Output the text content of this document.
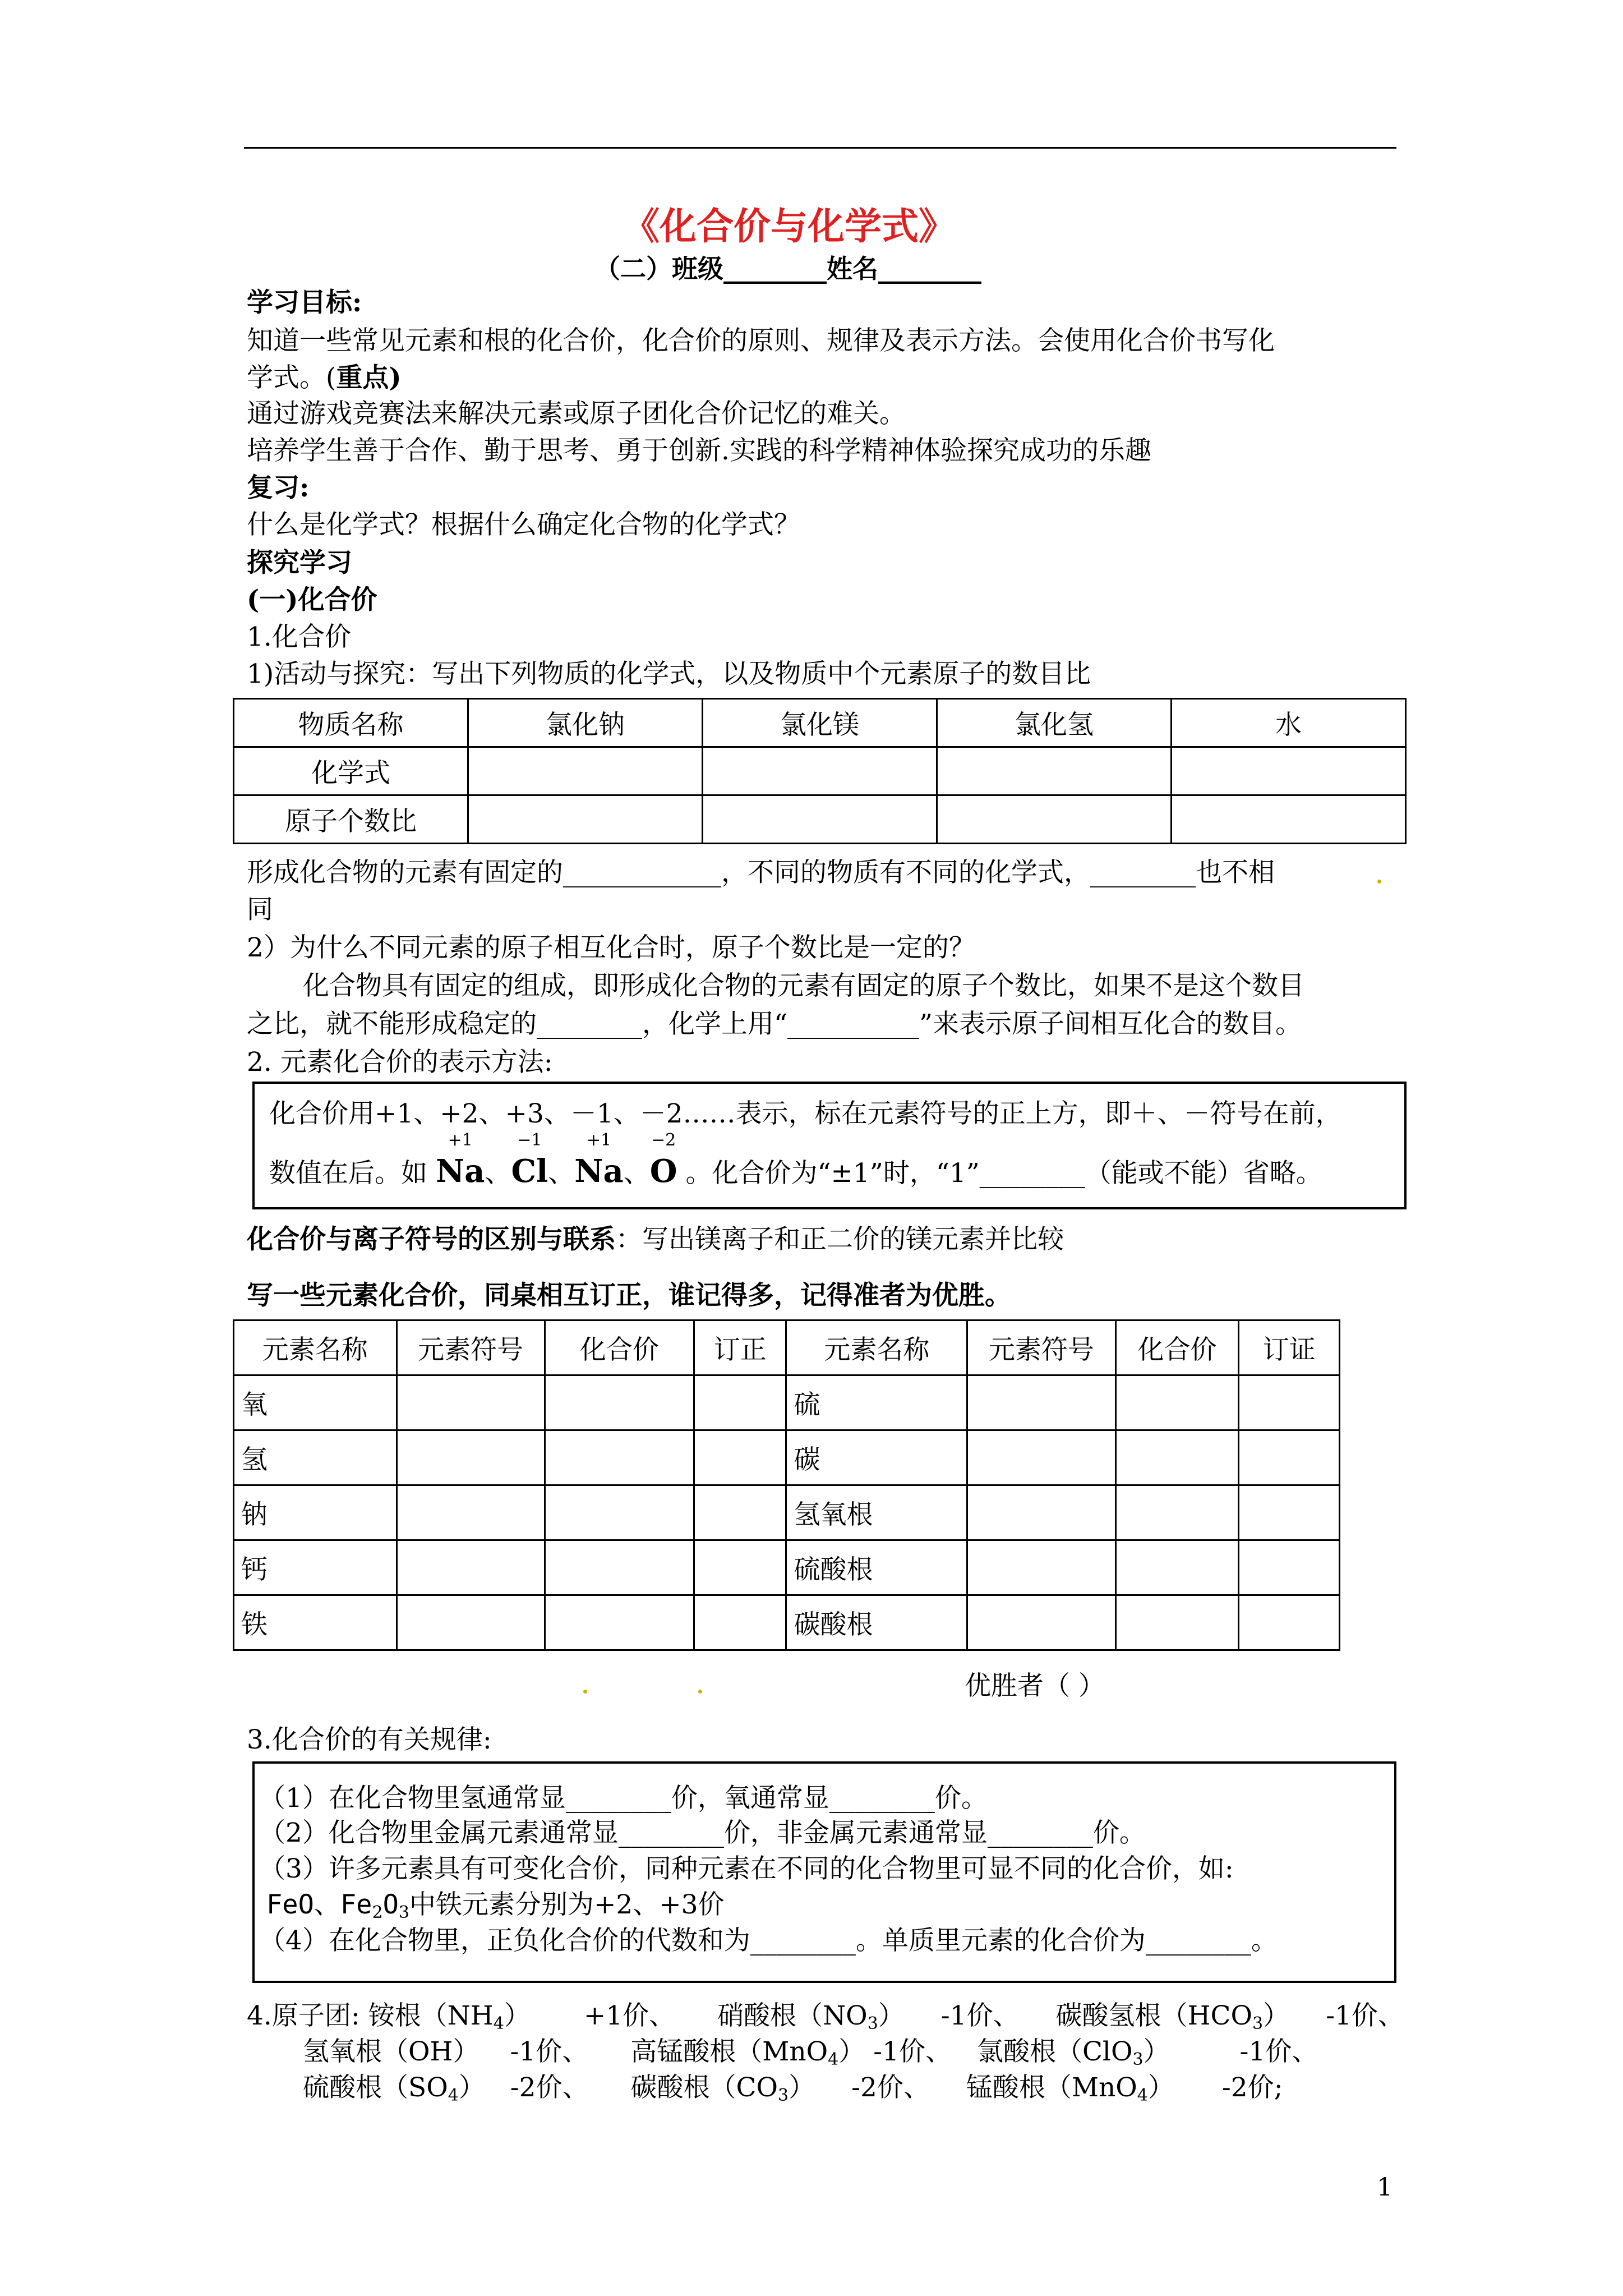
《化合价与化学式》
（二）班级________姓名________
学习目标:
知道一些常见元素和根的化合价，化合价的原则、规律及表示方法。会使用化合价书写化
学式。(重点)
通过游戏竞赛法来解决元素或原子团化合价记忆的难关。
培养学生善于合作、勤于思考、勇于创新.实践的科学精神体验探究成功的乐趣
复习:
什么是化学式？根据什么确定化合物的化学式？
探究学习
(一)化合价
1.化合价
1)活动与探究：写出下列物质的化学式，以及物质中个元素原子的数目比
物质名称	氯化钠	氯化镁	氯化氢	水
化学式				
原子个数比				
形成化合物的元素有固定的____________，不同的物质有不同的化学式，________也不相
同
2）为什么不同元素的原子相互化合时，原子个数比是一定的？
化合物具有固定的组成，即形成化合物的元素有固定的原子个数比，如果不是这个数目
之比，就不能形成稳定的________，化学上用“__________”来表示原子间相互化合的数目。
2. 元素化合价的表示方法:
化合价用+1、+2、+3、－1、－2……表示，标在元素符号的正上方，即＋、－符号在前，
数值在后。如
+1
Na、
−1
Cl、
+1
Na、
−2
O 。化合价为“±1”时，“1”________（能或不能）省略。
化合价与离子符号的区别与联系：写出镁离子和正二价的镁元素并比较
写一些元素化合价，同桌相互订正，谁记得多，记得准者为优胜。
元素名称	元素符号	化合价	订正	元素名称	元素符号	化合价	订证
氧				硫			
氢				碳			
钠				氢氧根			
钙				硫酸根			
铁				碳酸根			
优胜者（ ）
3.化合价的有关规律:
（1）在化合物里氢通常显________价，氧通常显________价。
（2）化合物里金属元素通常显________价，非金属元素通常显________价。
（3）许多元素具有可变化合价，同种元素在不同的化合物里可显不同的化合价，如:
FeO、$Fe_2O_3$中铁元素分别为+2、+3价
（4）在化合物里，正负化合价的代数和为________。单质里元素的化合价为________。
4.原子团: 铵根$(NH_4) +1$价、 硝酸根$(NO_3)$ -1价、 碳酸氢根$(HCO_3)$ -1价、
氢氧根（OH） -1价、 高锰酸根（MnO$_4$） -1价、 氯酸根（ClO$_3$）	-1价、
硫酸根$(SO_4)$ -2价、 碳酸根$(CO_3)$ -2价、 锰酸根（MnO$_4$） -2价;
1
